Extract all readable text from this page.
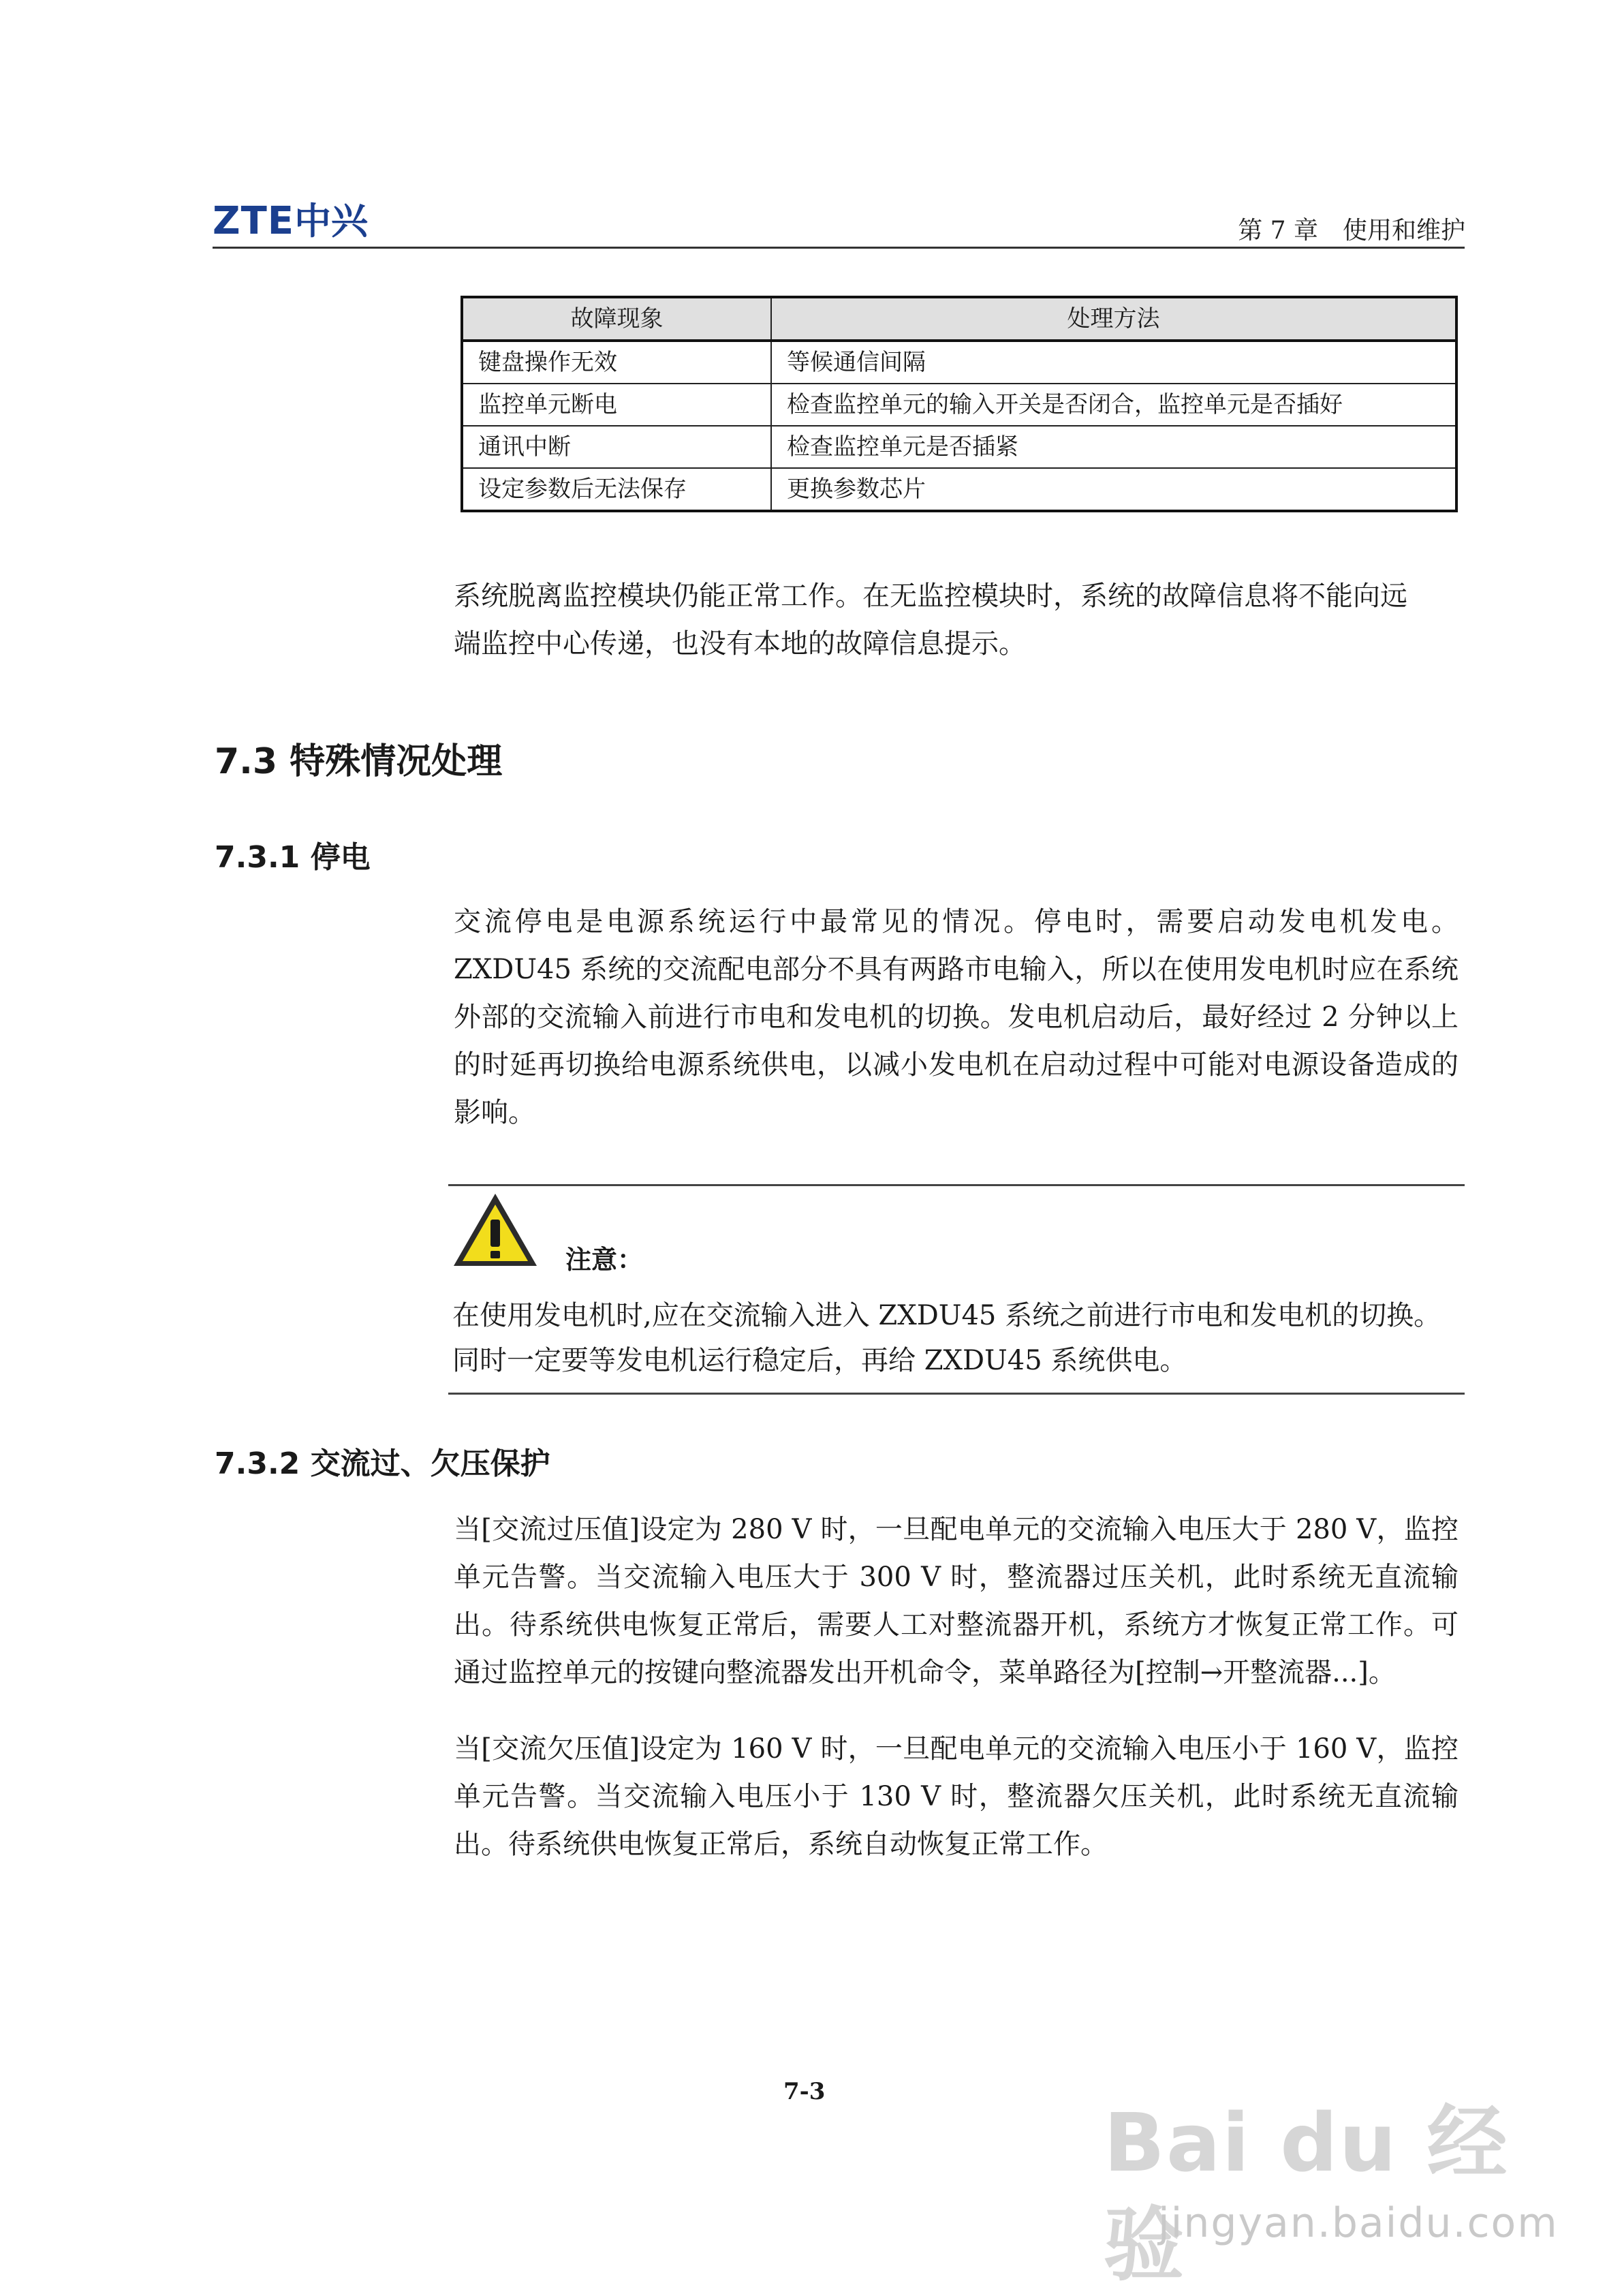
ZTE中兴	第 7 章　使用和维护
故障现象	处理方法
键盘操作无效	等候通信间隔
监控单元断电	检查监控单元的输入开关是否闭合，监控单元是否插好
通讯中断	检查监控单元是否插紧
设定参数后无法保存	更换参数芯片
系统脱离监控模块仍能正常工作。在无监控模块时，系统的故障信息将不能向远
端监控中心传递，也没有本地的故障信息提示。
7.3 特殊情况处理
7.3.1 停电
交流停电是电源系统运行中最常见的情况。停电时，需要启动发电机发电。ZXDU45 系统的交流配电部分不具有两路市电输入，所以在使用发电机时应在系统外部的交流输入前进行市电和发电机的切换。发电机启动后，最好经过 2 分钟以上的时延再切换给电源系统供电，以减小发电机在启动过程中可能对电源设备造成的影响。
注意：
在使用发电机时,应在交流输入进入 ZXDU45 系统之前进行市电和发电机的切换。
同时一定要等发电机运行稳定后，再给 ZXDU45 系统供电。
7.3.2 交流过、欠压保护
当[交流过压值]设定为 280 V 时，一旦配电单元的交流输入电压大于 280 V，监控单元告警。当交流输入电压大于 300 V 时，整流器过压关机，此时系统无直流输出。待系统供电恢复正常后，需要人工对整流器开机，系统方才恢复正常工作。可通过监控单元的按键向整流器发出开机命令，菜单路径为[控制→开整流器...]。
当[交流欠压值]设定为 160 V 时，一旦配电单元的交流输入电压小于 160 V，监控单元告警。当交流输入电压小于 130 V 时，整流器欠压关机，此时系统无直流输出。待系统供电恢复正常后，系统自动恢复正常工作。
7-3
Bai du 经验
jingyan.baidu.com
